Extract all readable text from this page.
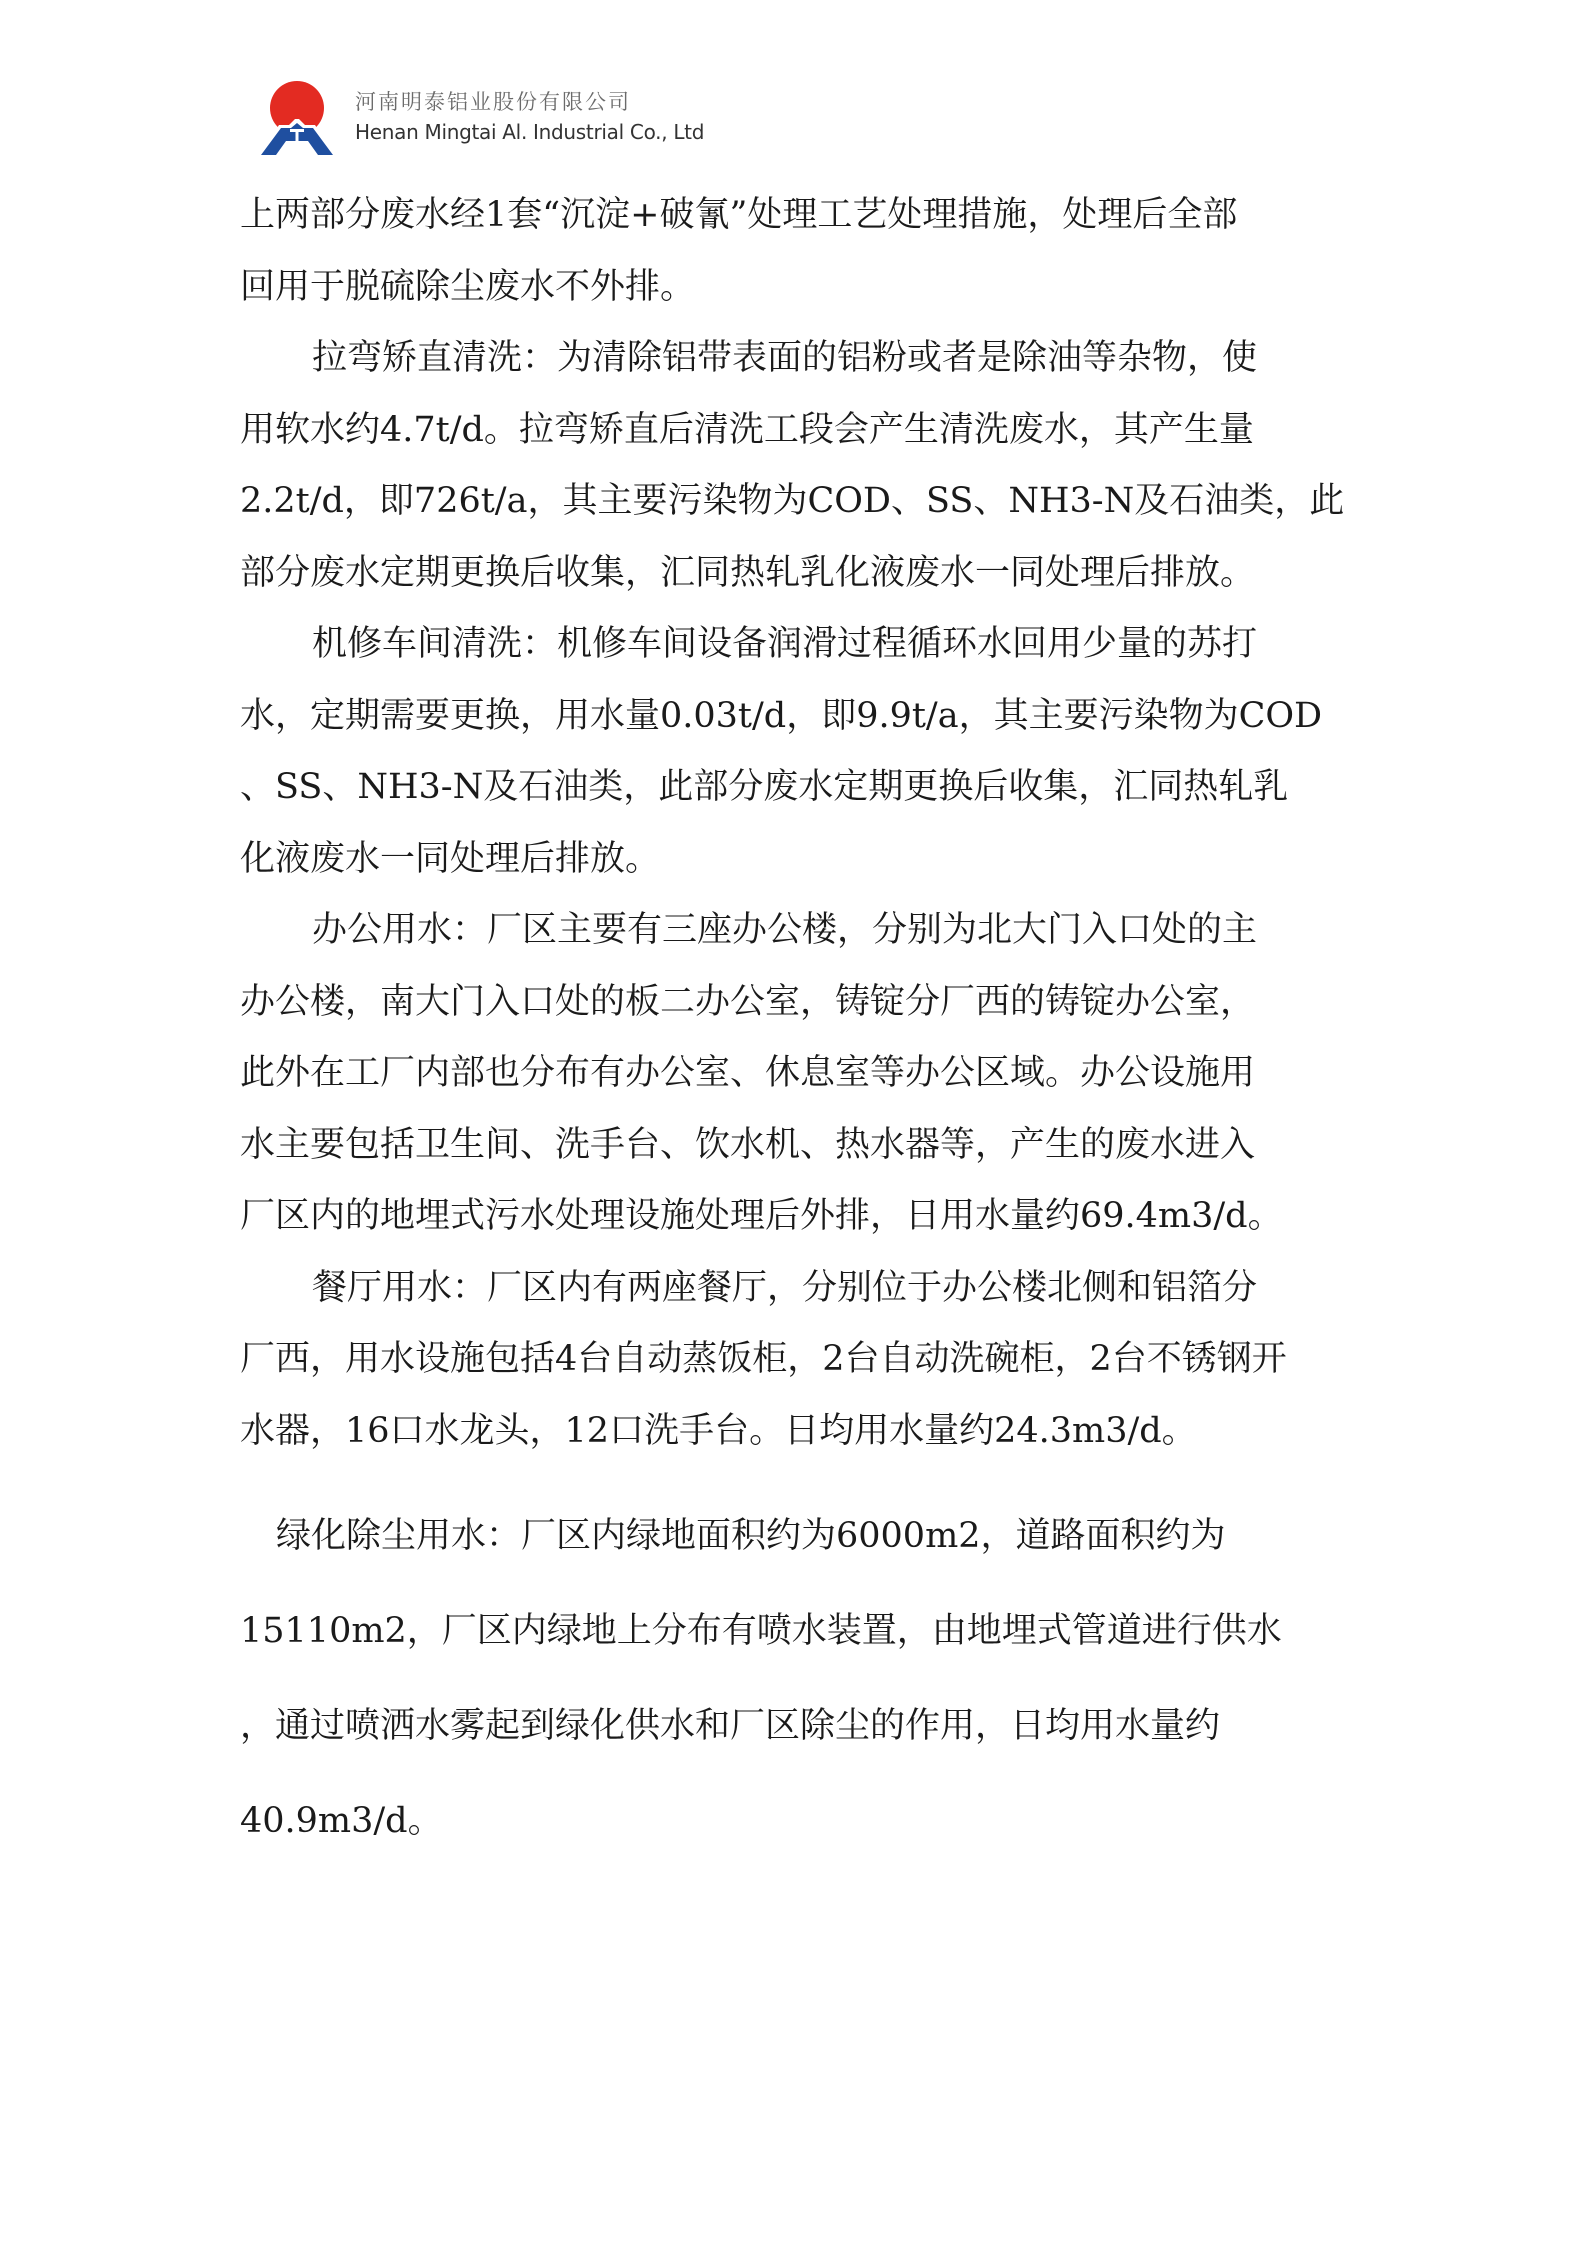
河南明泰铝业股份有限公司
Henan Mingtai Al. Industrial Co., Ltd

上两部分废水经1套“沉淀+破氰”处理工艺处理措施，处理后全部
回用于脱硫除尘废水不外排。

拉弯矫直清洗：为清除铝带表面的铝粉或者是除油等杂物，使
用软水约4.7t/d。拉弯矫直后清洗工段会产生清洗废水，其产生量
2.2t/d，即726t/a，其主要污染物为COD、SS、NH3-N及石油类，此
部分废水定期更换后收集，汇同热轧乳化液废水一同处理后排放。

机修车间清洗：机修车间设备润滑过程循环水回用少量的苏打
水，定期需要更换，用水量0.03t/d，即9.9t/a，其主要污染物为COD
、SS、NH3-N及石油类，此部分废水定期更换后收集，汇同热轧乳
化液废水一同处理后排放。

办公用水：厂区主要有三座办公楼，分别为北大门入口处的主
办公楼，南大门入口处的板二办公室，铸锭分厂西的铸锭办公室，
此外在工厂内部也分布有办公室、休息室等办公区域。办公设施用
水主要包括卫生间、洗手台、饮水机、热水器等，产生的废水进入
厂区内的地埋式污水处理设施处理后外排，日用水量约69.4m3/d。

餐厅用水：厂区内有两座餐厅，分别位于办公楼北侧和铝箔分
厂西，用水设施包括4台自动蒸饭柜，2台自动洗碗柜，2台不锈钢开
水器，16口水龙头，12口洗手台。日均用水量约24.3m3/d。

绿化除尘用水：厂区内绿地面积约为6000m2，道路面积约为
15110m2，厂区内绿地上分布有喷水装置，由地埋式管道进行供水
，通过喷洒水雾起到绿化供水和厂区除尘的作用，日均用水量约
40.9m3/d。
